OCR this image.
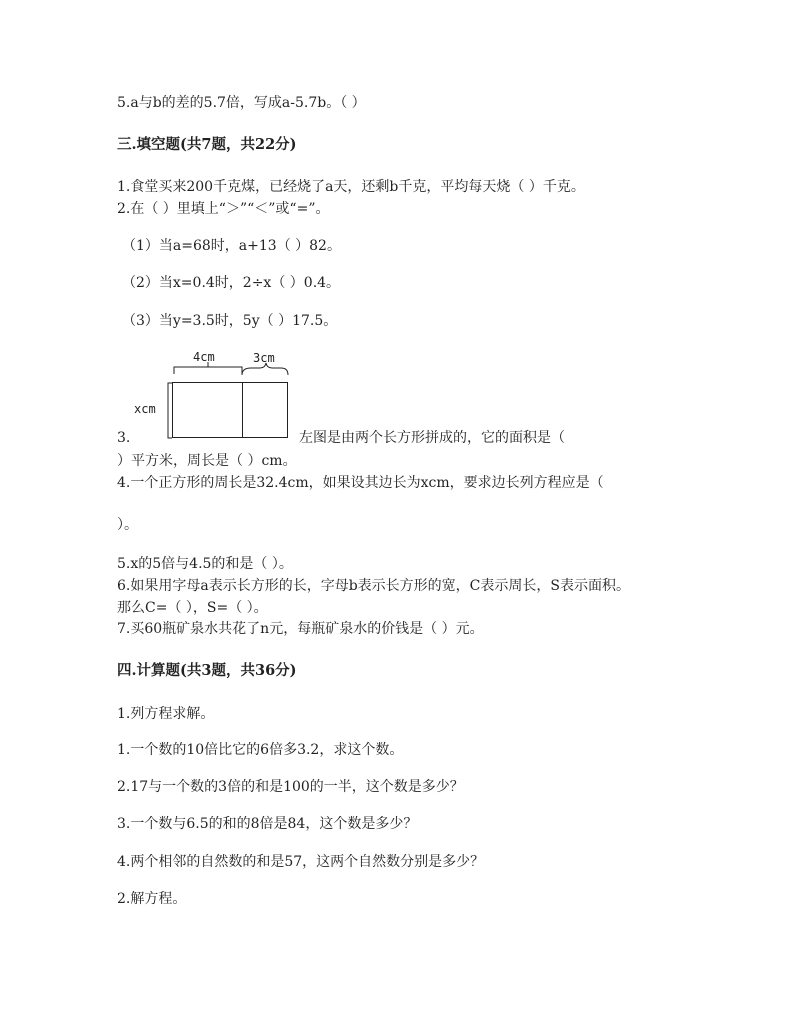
5.a与b的差的5.7倍，写成a-5.7b。（ ）
三.填空题(共7题，共22分)
1.食堂买来200千克煤，已经烧了a天，还剩b千克，平均每天烧（ ）千克。
2.在（ ）里填上“＞”“＜”或“=”。
（1）当a=68时，a+13（ ）82。
（2）当x=0.4时，2÷x（ ）0.4。
（3）当y=3.5时，5y（ ）17.5。
4cm	3cm
xcm
3.	左图是由两个长方形拼成的，它的面积是（
）平方米，周长是（ ）cm。
4.一个正方形的周长是32.4cm，如果设其边长为xcm，要求边长列方程应是（
）。
5.x的5倍与4.5的和是（ ）。
6.如果用字母a表示长方形的长，字母b表示长方形的宽，C表示周长，S表示面积。
那么C=（ ），S=（ ）。
7.买60瓶矿泉水共花了n元，每瓶矿泉水的价钱是（ ）元。
四.计算题(共3题，共36分)
1.列方程求解。
1.一个数的10倍比它的6倍多3.2，求这个数。
2.17与一个数的3倍的和是100的一半，这个数是多少？
3.一个数与6.5的和的8倍是84，这个数是多少？
4.两个相邻的自然数的和是57，这两个自然数分别是多少？
2.解方程。
